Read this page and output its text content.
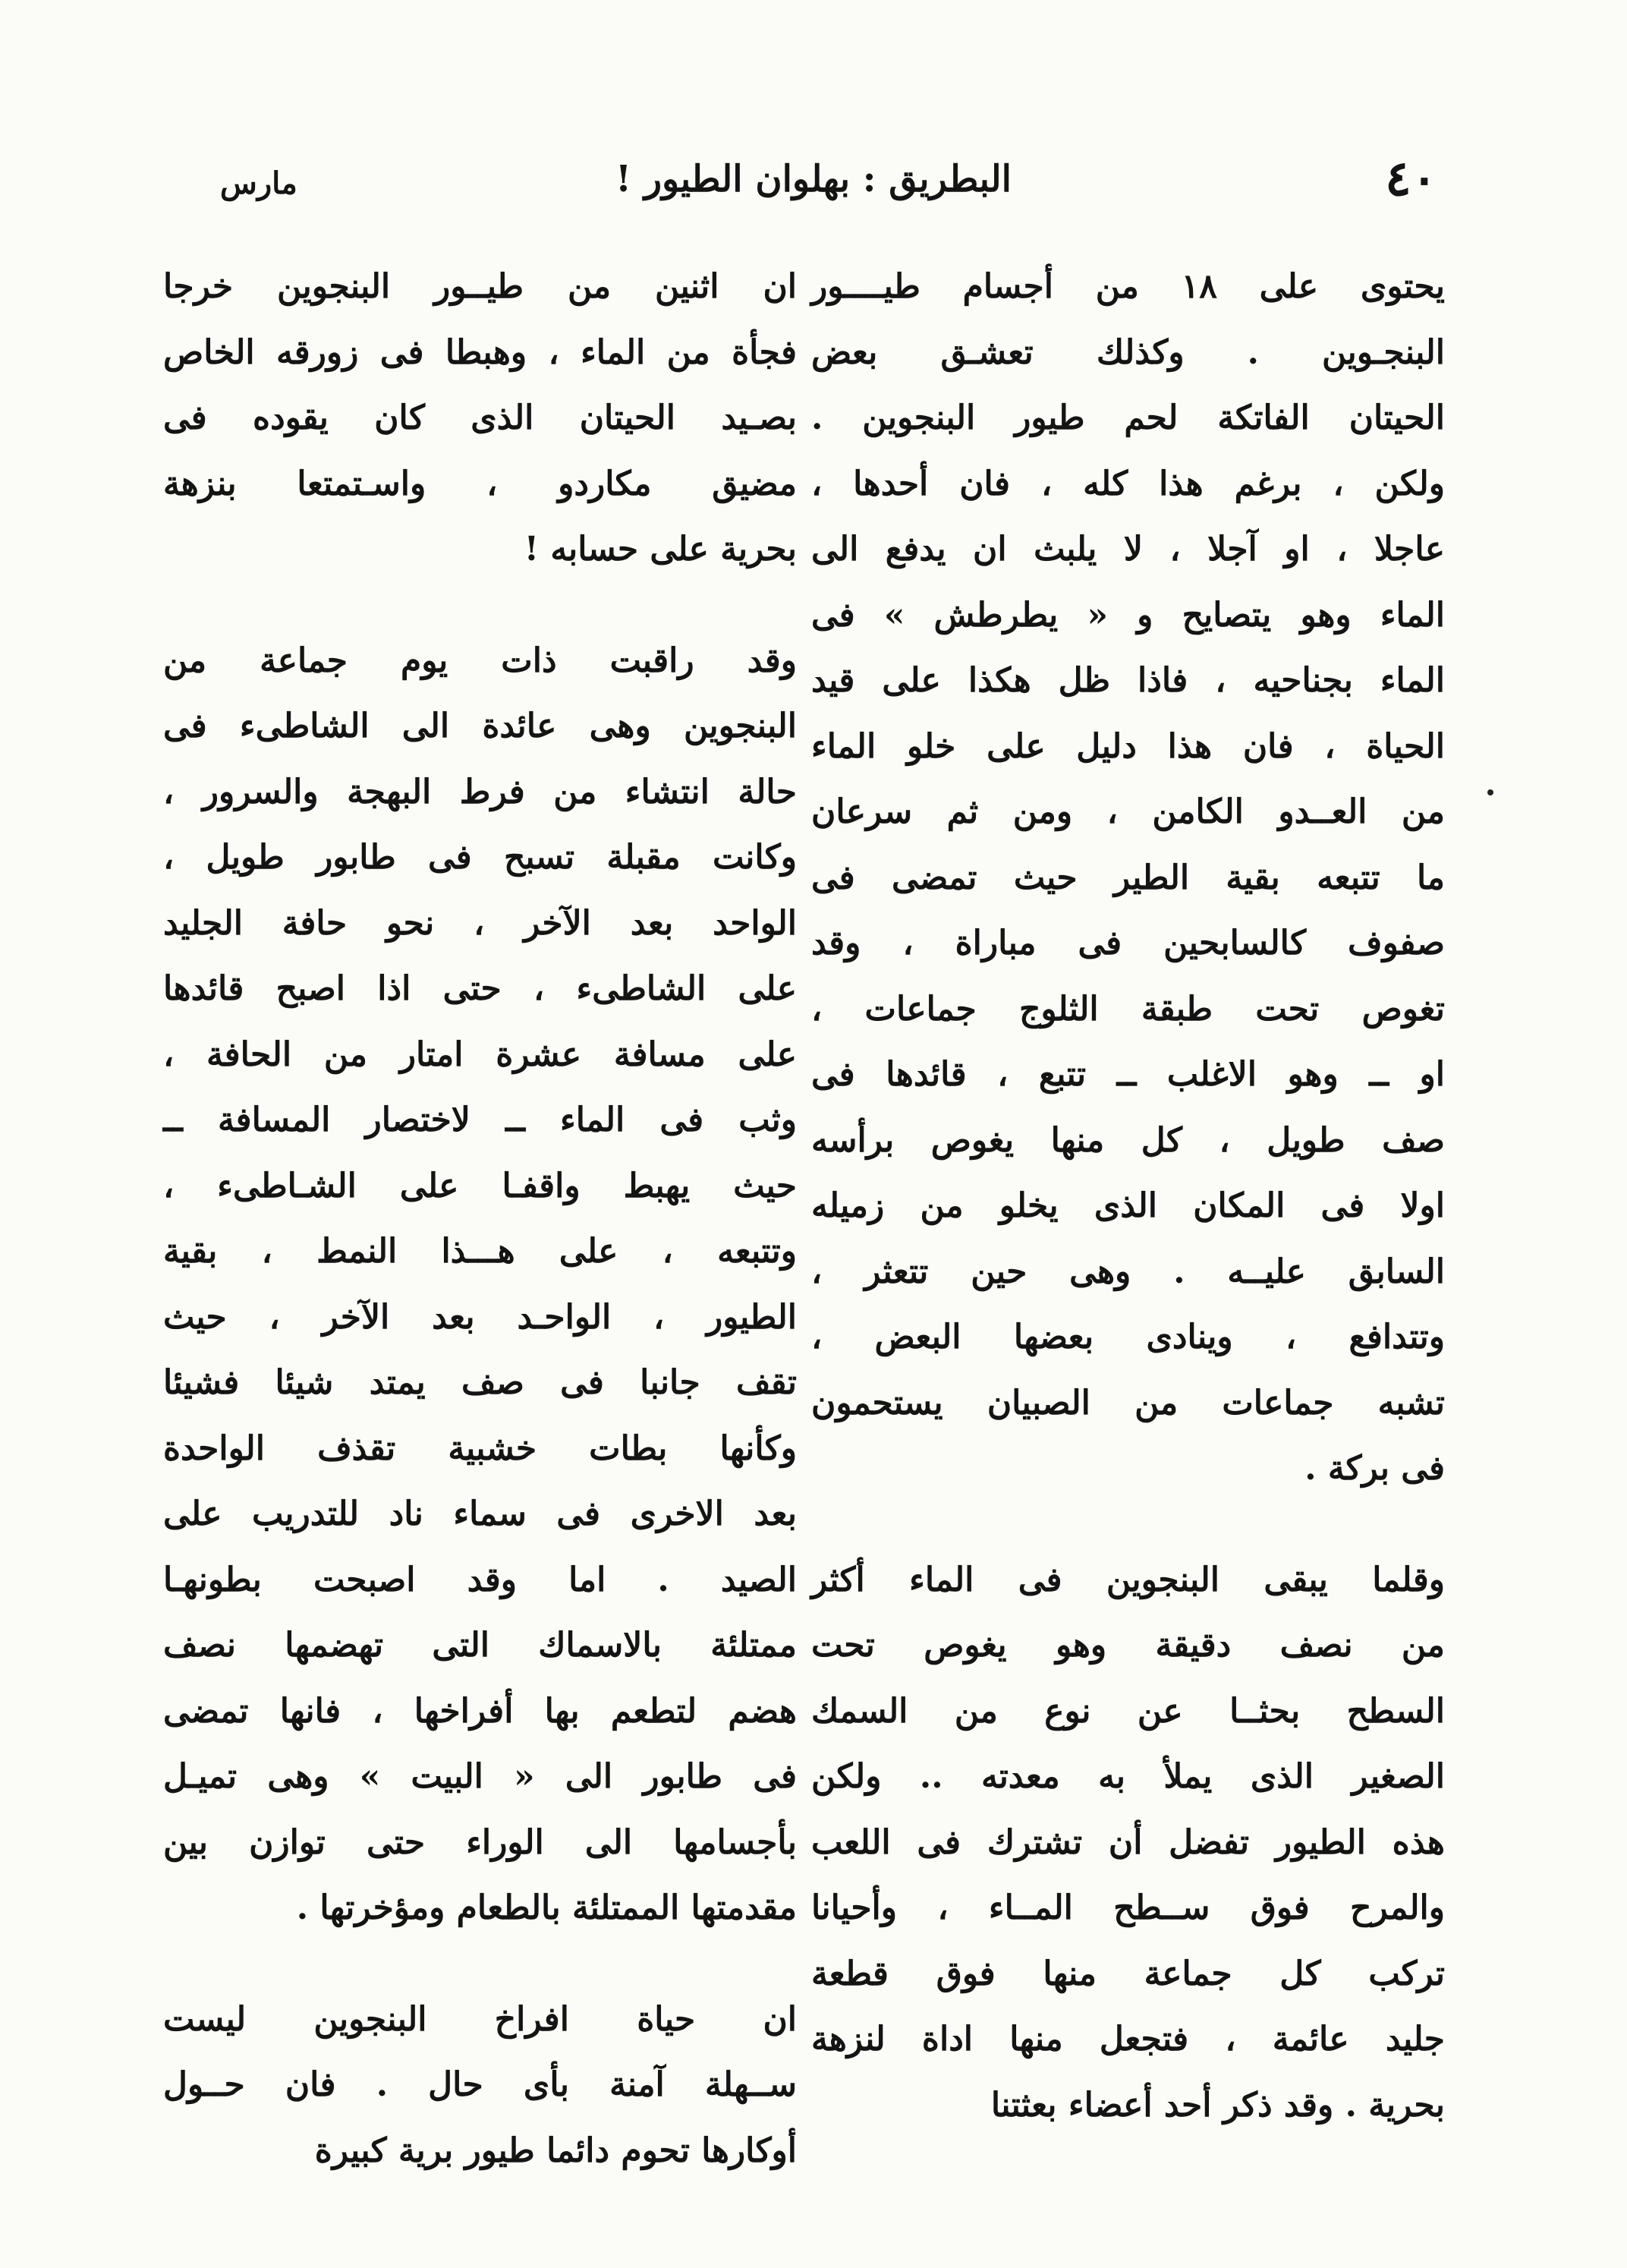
٤٠
البطريق : بهلوان الطيور !
مارس
يحتوى على ١٨ من أجسام طيــــور
البنجـوين . وكذلك تعشـق بعض
الحيتان الفاتكة لحم طيور البنجوين .
ولكن ، برغم هذا كله ، فان أحدها ،
عاجلا ، او آجلا ، لا يلبث ان يدفع الى
الماء وهو يتصايح و « يطرطش » فى
الماء بجناحيه ، فاذا ظل هكذا على قيد
الحياة ، فان هذا دليل على خلو الماء
من العــدو الكامن ، ومن ثم سرعان
ما تتبعه بقية الطير حيث تمضى فى
صفوف كالسابحين فى مباراة ، وقد
تغوص تحت طبقة الثلوج جماعات ،
او ــ وهو الاغلب ــ تتبع ، قائدها فى
صف طويل ، كل منها يغوص برأسه
اولا فى المكان الذى يخلو من زميله
السابق عليــه . وهى حين تتعثر ،
وتتدافع ، وينادى بعضها البعض ،
تشبه جماعات من الصبيان يستحمون
فى بركة .
وقلما يبقى البنجوين فى الماء أكثر
من نصف دقيقة وهو يغوص تحت
السطح بحثــا عن نوع من السمك
الصغير الذى يملأ به معدته .. ولكن
هذه الطيور تفضل أن تشترك فى اللعب
والمرح فوق ســطح المــاء ، وأحيانا
تركب كل جماعة منها فوق قطعة
جليد عائمة ، فتجعل منها اداة لنزهة
بحرية . وقد ذكر أحد أعضاء بعثتنا
ان اثنين من طيــور البنجوين خرجا
فجأة من الماء ، وهبطا فى زورقه الخاص
بصـيد الحيتان الذى كان يقوده فى
مضيق مكاردو ، واسـتمتعا بنزهة
بحرية على حسابه !
وقد راقبت ذات يوم جماعة من
البنجوين وهى عائدة الى الشاطىء فى
حالة انتشاء من فرط البهجة والسرور ،
وكانت مقبلة تسبح فى طابور طويل ،
الواحد بعد الآخر ، نحو حافة الجليد
على الشاطىء ، حتى اذا اصبح قائدها
على مسافة عشرة امتار من الحافة ،
وثب فى الماء ــ لاختصار المسافة ــ
حيث يهبط واقفـا على الشـاطىء ،
وتتبعه ، على هـــذا النمط ، بقية
الطيور ، الواحـد بعد الآخر ، حيث
تقف جانبا فى صف يمتد شيئا فشيئا
وكأنها بطات خشبية تقذف الواحدة
بعد الاخرى فى سماء ناد للتدريب على
الصيد . اما وقد اصبحت بطونهـا
ممتلئة بالاسماك التى تهضمها نصف
هضم لتطعم بها أفراخها ، فانها تمضى
فى طابور الى « البيت » وهى تميـل
بأجسامها الى الوراء حتى توازن بين
مقدمتها الممتلئة بالطعام ومؤخرتها .
ان حياة افراخ البنجوين ليست
ســهلة آمنة بأى حال . فان حــول
أوكارها تحوم دائما طيور برية كبيرة
